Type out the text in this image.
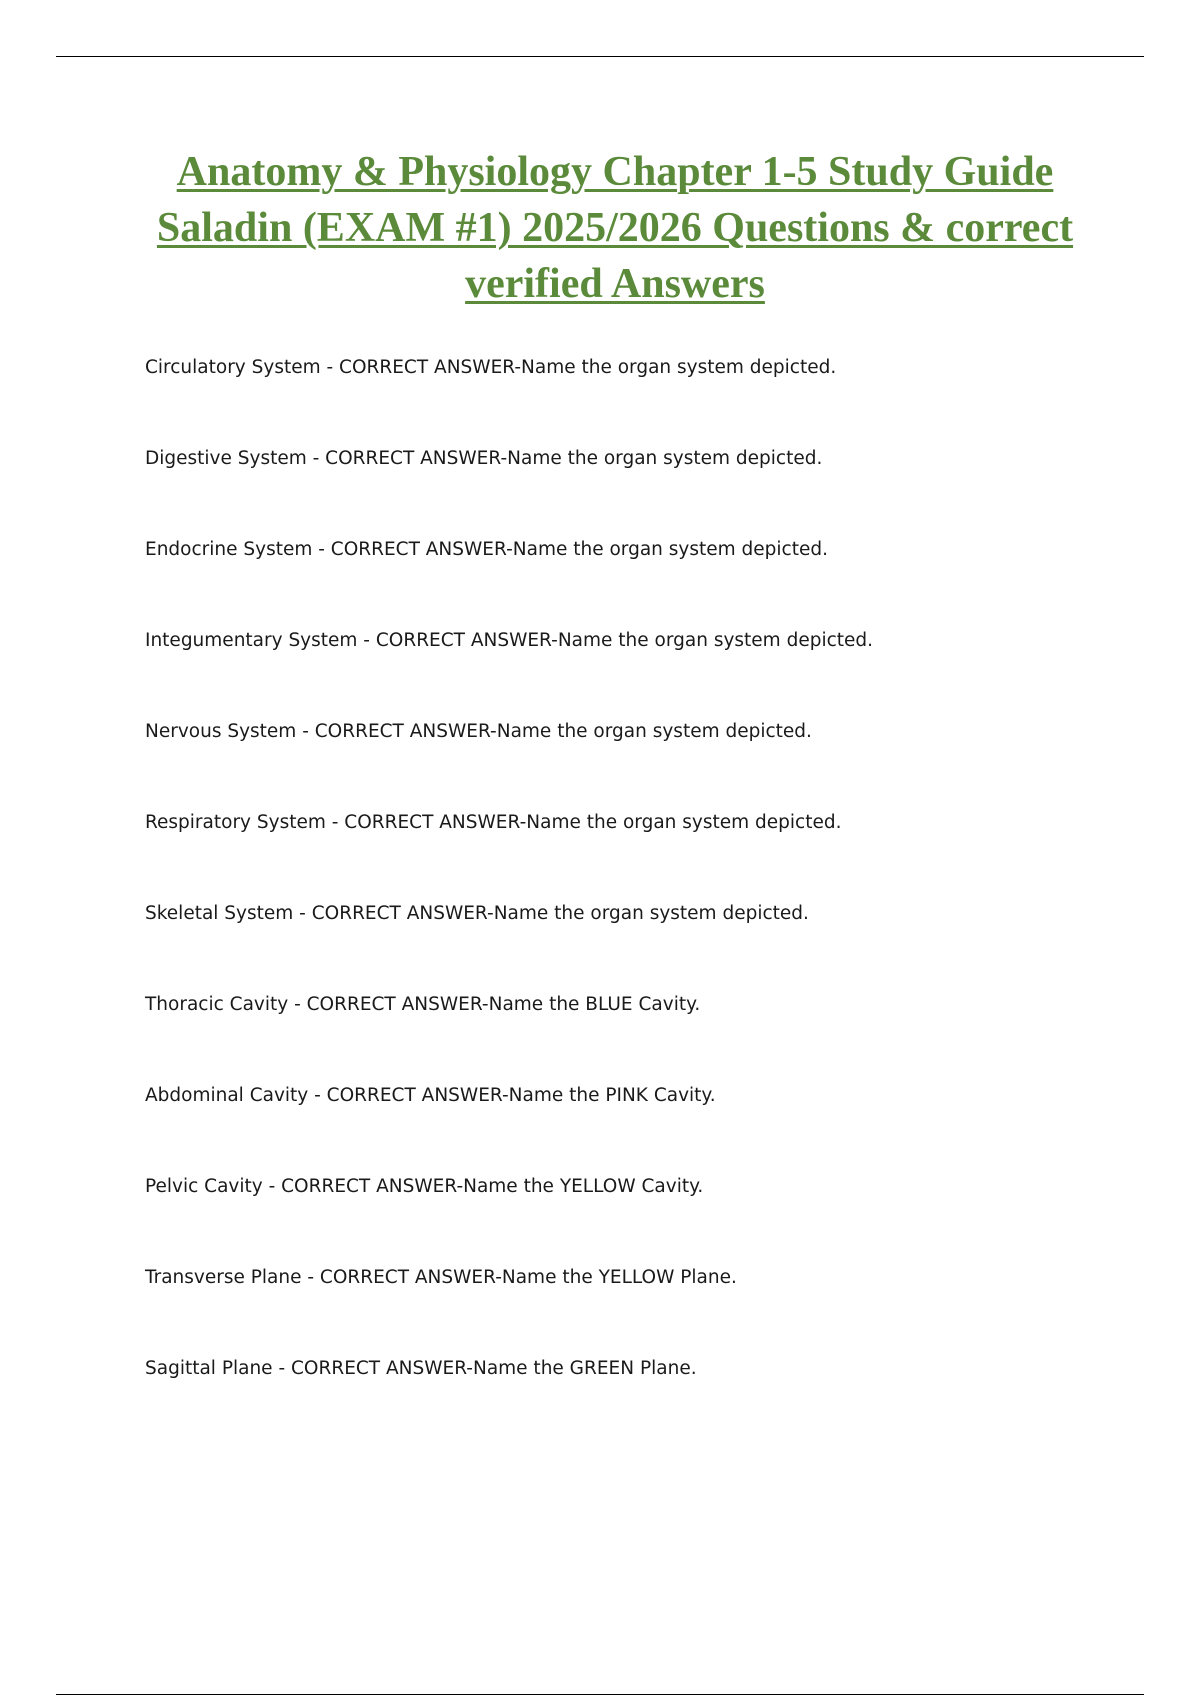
Anatomy & Physiology Chapter 1-5 Study Guide Saladin (EXAM #1) 2025/2026 Questions & correct verified Answers
Circulatory System - CORRECT ANSWER-Name the organ system depicted.
Digestive System - CORRECT ANSWER-Name the organ system depicted.
Endocrine System - CORRECT ANSWER-Name the organ system depicted.
Integumentary System - CORRECT ANSWER-Name the organ system depicted.
Nervous System - CORRECT ANSWER-Name the organ system depicted.
Respiratory System - CORRECT ANSWER-Name the organ system depicted.
Skeletal System - CORRECT ANSWER-Name the organ system depicted.
Thoracic Cavity - CORRECT ANSWER-Name the BLUE Cavity.
Abdominal Cavity - CORRECT ANSWER-Name the PINK Cavity.
Pelvic Cavity - CORRECT ANSWER-Name the YELLOW Cavity.
Transverse Plane - CORRECT ANSWER-Name the YELLOW Plane.
Sagittal Plane - CORRECT ANSWER-Name the GREEN Plane.
